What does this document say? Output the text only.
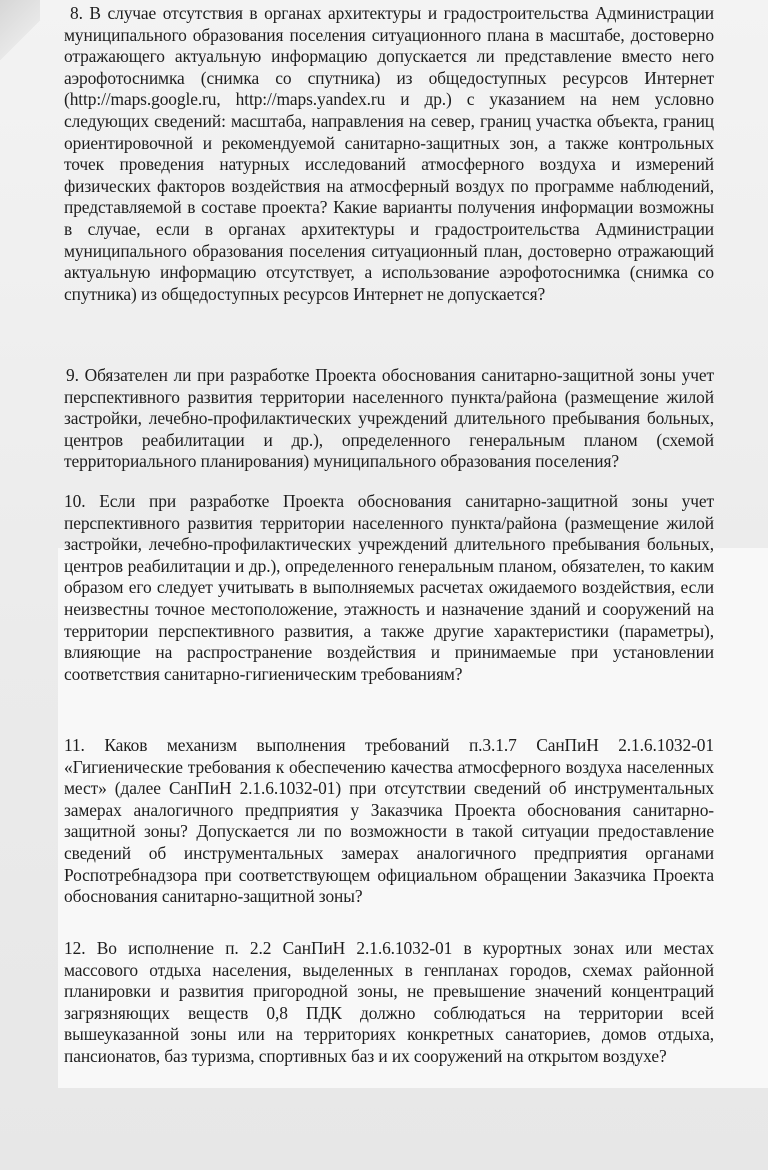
8. В случае отсутствия в органах архитектуры и градостроительства Администрации муниципального образования поселения ситуационного плана в масштабе, достоверно отражающего актуальную информацию допускается ли представление вместо него аэрофотоснимка (снимка со спутника) из общедоступных ресурсов Интернет (http://maps.google.ru, http://maps.yandex.ru и др.) с указанием на нем условно следующих сведений: масштаба, направления на север, границ участка объекта, границ ориентировочной и рекомендуемой санитарно-защитных зон, а также контрольных точек проведения натурных исследований атмосферного воздуха и измерений физических факторов воздействия на атмосферный воздух по программе наблюдений, представляемой в составе проекта? Какие варианты получения информации возможны в случае, если в органах архитектуры и градостроительства Администрации муниципального образования поселения ситуационный план, достоверно отражающий актуальную информацию отсутствует, а использование аэрофотоснимка (снимка со спутника) из общедоступных ресурсов Интернет не допускается?

9. Обязателен ли при разработке Проекта обоснования санитарно-защитной зоны учет перспективного развития территории населенного пункта/района (размещение жилой застройки, лечебно-профилактических учреждений длительного пребывания больных, центров реабилитации и др.), определенного генеральным планом (схемой территориального планирования) муниципального образования поселения?

10. Если при разработке Проекта обоснования санитарно-защитной зоны учет перспективного развития территории населенного пункта/района (размещение жилой застройки, лечебно-профилактических учреждений длительного пребывания больных, центров реабилитации и др.), определенного генеральным планом, обязателен, то каким образом его следует учитывать в выполняемых расчетах ожидаемого воздействия, если неизвестны точное местоположение, этажность и назначение зданий и сооружений на территории перспективного развития, а также другие характеристики (параметры), влияющие на распространение воздействия и принимаемые при установлении соответствия санитарно-гигиеническим требованиям?

11. Каков механизм выполнения требований п.3.1.7 СанПиН 2.1.6.1032-01 «Гигиенические требования к обеспечению качества атмосферного воздуха населенных мест» (далее СанПиН 2.1.6.1032-01) при отсутствии сведений об инструментальных замерах аналогичного предприятия у Заказчика Проекта обоснования санитарно-защитной зоны? Допускается ли по возможности в такой ситуации предоставление сведений об инструментальных замерах аналогичного предприятия органами Роспотребнадзора при соответствующем официальном обращении Заказчика Проекта обоснования санитарно-защитной зоны?

12. Во исполнение п. 2.2 СанПиН 2.1.6.1032-01 в курортных зонах или местах массового отдыха населения, выделенных в генпланах городов, схемах районной планировки и развития пригородной зоны, не превышение значений концентраций загрязняющих веществ 0,8 ПДК должно соблюдаться на территории всей вышеуказанной зоны или на территориях конкретных санаториев, домов отдыха, пансионатов, баз туризма, спортивных баз и их сооружений на открытом воздухе?
